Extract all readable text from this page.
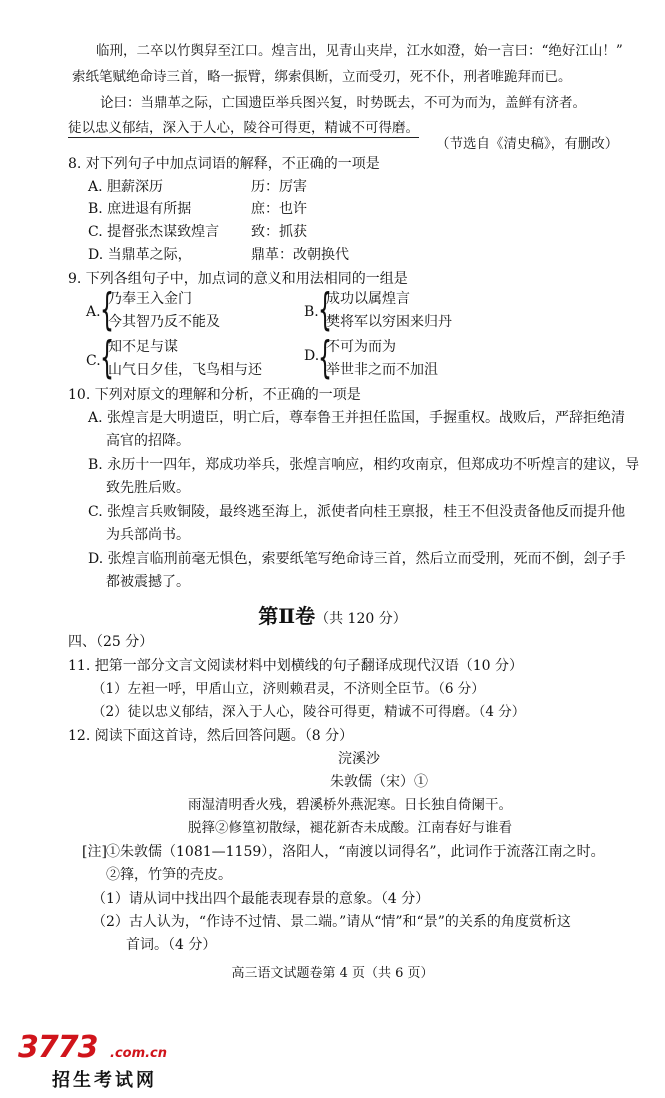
临刑，二卒以竹舆舁至江口。煌言出，见青山夹岸，江水如澄，始一言曰：“绝好江山！”
索纸笔赋绝命诗三首，略一振臂，绑索俱断，立而受刃，死不仆，刑者唯跪拜而已。
论曰：当鼎革之际，亡国遗臣举兵图兴复，时势既去，不可为而为，盖鲜有济者。
徒以忠义郁结，深入于人心，陵谷可得更，精诚不可得磨。
（节选自《清史稿》，有删改）
8. 对下列句子中加点词语的解释，不正确的一项是
A. 胆薪深历	历：厉害
B. 庶进退有所据	庶：也许
C. 提督张杰谋致煌言 致：抓获
D. 当鼎革之际，	鼎革：改朝换代
9. 下列各组句子中，加点词的意义和用法相同的一组是
A. {
乃奉王入金门
今其智乃反不能及
B. {
成功以属煌言
樊将军以穷困来归丹
C. {
知不足与谋
山气日夕佳，飞鸟相与还
D.
{
不可为而为
举世非之而不加沮
10. 下列对原文的理解和分析，不正确的一项是
A. 张煌言是大明遗臣，明亡后，尊奉鲁王并担任监国，手握重权。战败后，严辞拒绝清
高官的招降。
B. 永历十一四年，郑成功举兵，张煌言响应，相约攻南京，但郑成功不听煌言的建议，导
致先胜后败。
C. 张煌言兵败铜陵，最终逃至海上，派使者向桂王禀报，桂王不但没责备他反而提升他
为兵部尚书。
D. 张煌言临刑前毫无惧色，索要纸笔写绝命诗三首，然后立而受刑，死而不倒，刽子手
都被震撼了。
第Ⅱ卷（共 120 分）
四、（25 分）
11. 把第一部分文言文阅读材料中划横线的句子翻译成现代汉语（10 分）
（1）左袒一呼，甲盾山立，济则赖君灵，不济则全臣节。（6 分）
（2）徒以忠义郁结，深入于人心，陵谷可得更，精诚不可得磨。（4 分）
12. 阅读下面这首诗，然后回答问题。（8 分）
浣溪沙
朱敦儒（宋）①
雨湿清明香火残，碧溪桥外燕泥寒。日长独自倚阑干。
脱箨②修篁初散绿，褪花新杏未成酸。江南春好与谁看
[注] ①朱敦儒（1081—1159），洛阳人，“南渡以词得名”，此词作于流落江南之时。
②箨，竹笋的壳皮。
（1）请从词中找出四个最能表现春景的意象。（4 分）
（2）古人认为，“作诗不过情、景二端。”请从“情”和“景”的关系的角度赏析这
首词。（4 分）
高三语文试题卷第 4 页（共 6 页）
3773 .com.cn
招生考试网
